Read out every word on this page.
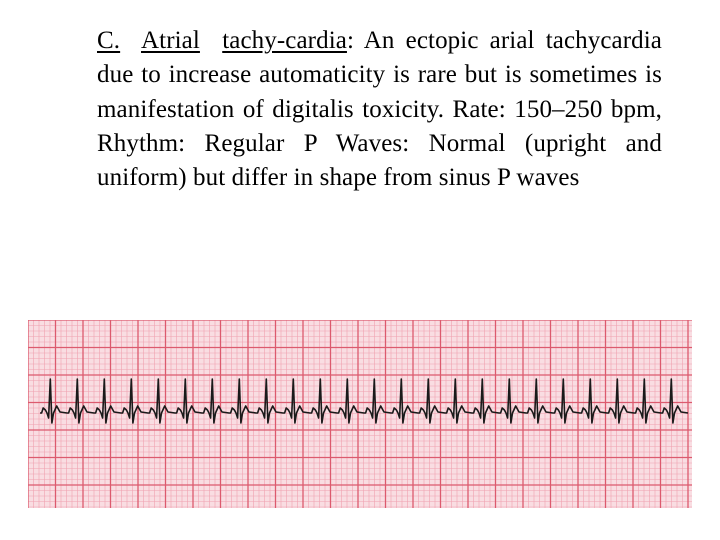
C. Atrial tachy-cardia: An ectopic arial tachycardia due to increase automaticity is rare but is sometimes is manifestation of digitalis toxicity. Rate: 150–250 bpm, Rhythm: Regular P Waves: Normal (upright and uniform) but differ in shape from sinus P waves
